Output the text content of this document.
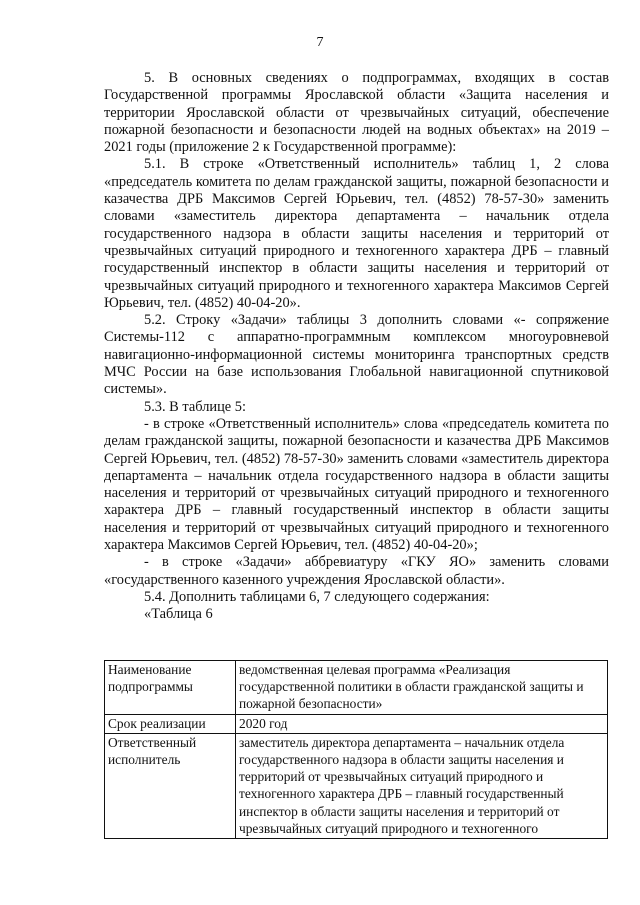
7

5. В основных сведениях о подпрограммах, входящих в состав Государственной программы Ярославской области «Защита населения и территории Ярославской области от чрезвычайных ситуаций, обеспечение пожарной безопасности и безопасности людей на водных объектах» на 2019 – 2021 годы (приложение 2 к Государственной программе):

5.1. В строке «Ответственный исполнитель» таблиц 1, 2 слова «председатель комитета по делам гражданской защиты, пожарной безопасности и казачества ДРБ Максимов Сергей Юрьевич, тел. (4852) 78-57-30» заменить словами «заместитель директора департамента – начальник отдела государственного надзора в области защиты населения и территорий от чрезвычайных ситуаций природного и техногенного характера ДРБ – главный государственный инспектор в области защиты населения и территорий от чрезвычайных ситуаций природного и техногенного характера Максимов Сергей Юрьевич, тел. (4852) 40-04-20».

5.2. Строку «Задачи» таблицы 3 дополнить словами «- сопряжение Системы-112 с аппаратно-программным комплексом многоуровневой навигационно-информационной системы мониторинга транспортных средств МЧС России на базе использования Глобальной навигационной спутниковой системы».

5.3. В таблице 5:

- в строке «Ответственный исполнитель» слова «председатель комитета по делам гражданской защиты, пожарной безопасности и казачества ДРБ Максимов Сергей Юрьевич, тел. (4852) 78-57-30» заменить словами «заместитель директора департамента – начальник отдела государственного надзора в области защиты населения и территорий от чрезвычайных ситуаций природного и техногенного характера ДРБ – главный государственный инспектор в области защиты населения и территорий от чрезвычайных ситуаций природного и техногенного характера Максимов Сергей Юрьевич, тел. (4852) 40-04-20»;

- в строке «Задачи» аббревиатуру «ГКУ ЯО» заменить словами «государственного казенного учреждения Ярославской области».

5.4. Дополнить таблицами 6, 7 следующего содержания:

«Таблица 6

Наименование подпрограммы	ведомственная целевая программа «Реализация государственной политики в области гражданской защиты и пожарной безопасности»
Срок реализации	2020 год
Ответственный исполнитель	заместитель директора департамента – начальник отдела государственного надзора в области защиты населения и территорий от чрезвычайных ситуаций природного и техногенного характера ДРБ – главный государственный инспектор в области защиты населения и территорий от чрезвычайных ситуаций природного и техногенного
